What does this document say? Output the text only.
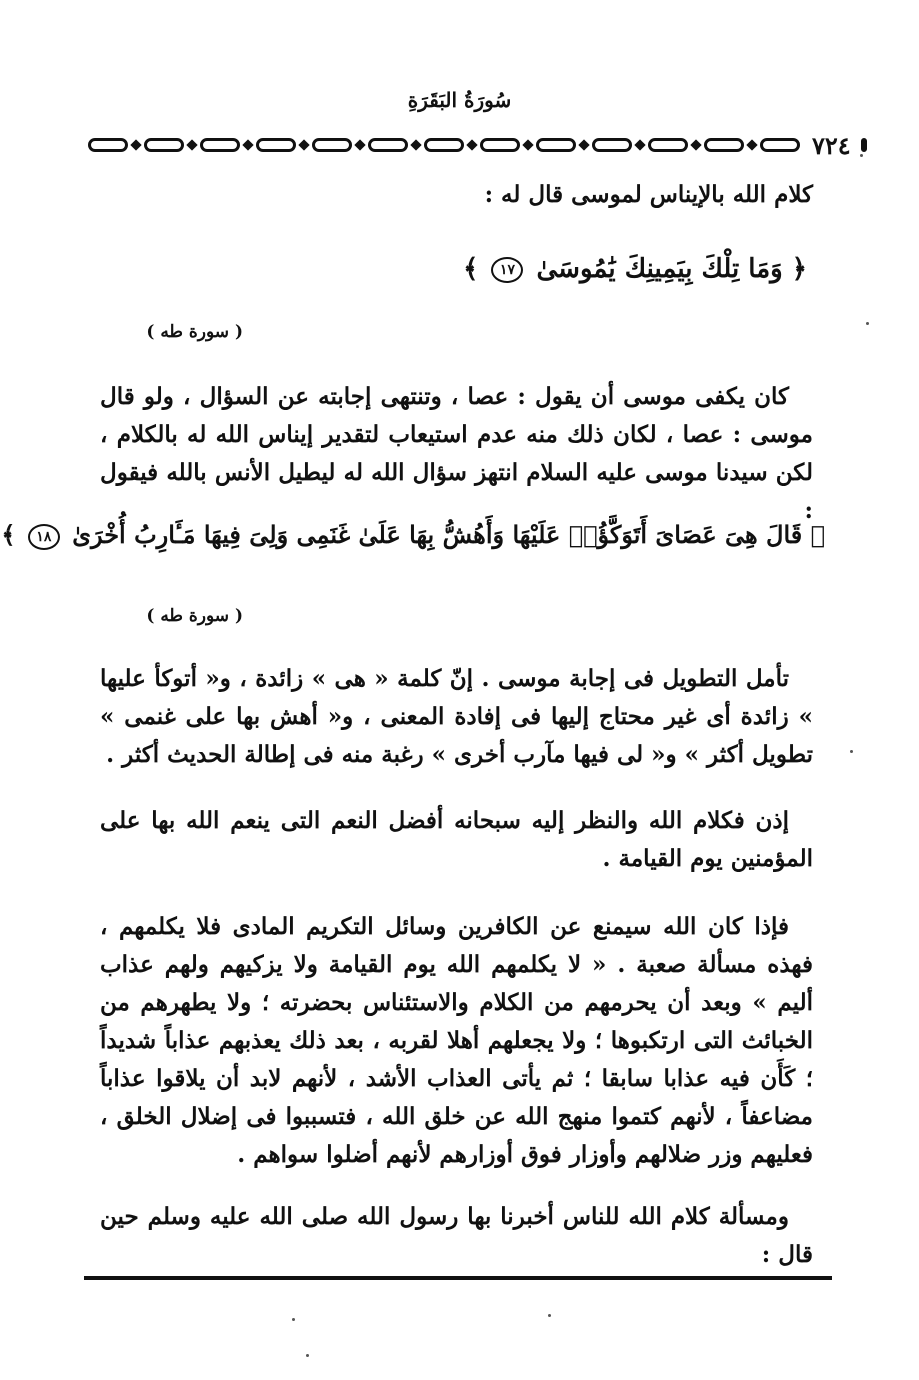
سُورَةُ البَقَرَةِ
٧٢٤
كلام الله بالإيناس لموسى قال له :
﴿ وَمَا تِلْكَ بِيَمِينِكَ يَٰمُوسَىٰ ١٧ ﴾
( سورة طه )
كان يكفى موسى أن يقول : عصا ، وتنتهى إجابته عن السؤال ، ولو قال موسى : عصا ، لكان ذلك منه عدم استيعاب لتقدير إيناس الله له بالكلام ، لكن سيدنا موسى عليه السلام انتهز سؤال الله له ليطيل الأنس بالله فيقول :
﴿ قَالَ هِىَ عَصَاىَ أَتَوَكَّؤُا۟ عَلَيْهَا وَأَهُشُّ بِهَا عَلَىٰ غَنَمِى وَلِىَ فِيهَا مَـَٔارِبُ أُخْرَىٰ ١٨ ﴾
( سورة طه )
تأمل التطويل فى إجابة موسى . إنّ كلمة « هى » زائدة ، و« أتوكأ عليها » زائدة أى غير محتاج إليها فى إفادة المعنى ، و« أهش بها على غنمى » تطويل أكثر » و« لى فيها مآرب أخرى » رغبة منه فى إطالة الحديث أكثر .
إذن فكلام الله والنظر إليه سبحانه أفضل النعم التى ينعم الله بها على المؤمنين يوم القيامة .
فإذا كان الله سيمنع عن الكافرين وسائل التكريم المادى فلا يكلمهم ، فهذه مسألة صعبة . « لا يكلمهم الله يوم القيامة ولا يزكيهم ولهم عذاب أليم » وبعد أن يحرمهم من الكلام والاستئناس بحضرته ؛ ولا يطهرهم من الخبائث التى ارتكبوها ؛ ولا يجعلهم أهلا لقربه ، بعد ذلك يعذبهم عذاباً شديداً ؛ كَأَن فيه عذابا سابقا ؛ ثم يأتى العذاب الأشد ، لأنهم لابد أن يلاقوا عذاباً مضاعفاً ، لأنهم كتموا منهج الله عن خلق الله ، فتسببوا فى إضلال الخلق ، فعليهم وزر ضلالهم وأوزار فوق أوزارهم لأنهم أضلوا سواهم .
ومسألة كلام الله للناس أخبرنا بها رسول الله صلى الله عليه وسلم حين قال :
